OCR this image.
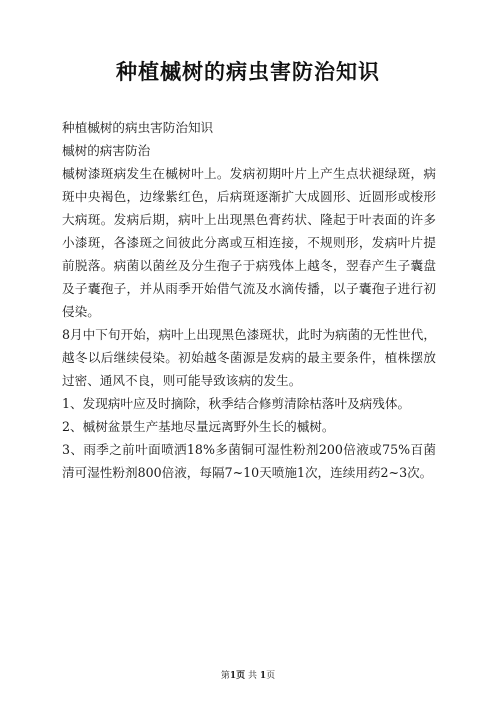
种植槭树的病虫害防治知识

种植槭树的病虫害防治知识

槭树的病害防治

槭树漆斑病发生在槭树叶上。发病初期叶片上产生点状褪绿斑，病斑中央褐色，边缘紫红色，后病斑逐渐扩大成圆形、近圆形或梭形大病斑。发病后期，病叶上出现黑色膏药状、隆起于叶表面的许多小漆斑，各漆斑之间彼此分离或互相连接，不规则形，发病叶片提前脱落。病菌以菌丝及分生孢子于病残体上越冬，翌春产生子囊盘及子囊孢子，并从雨季开始借气流及水滴传播，以子囊孢子进行初侵染。

8月中下旬开始，病叶上出现黑色漆斑状，此时为病菌的无性世代，越冬以后继续侵染。初始越冬菌源是发病的最主要条件，植株摆放过密、通风不良，则可能导致该病的发生。

1、发现病叶应及时摘除，秋季结合修剪清除枯落叶及病残体。

2、槭树盆景生产基地尽量远离野外生长的槭树。

3、雨季之前叶面喷洒18%多菌铜可湿性粉剂200倍液或75%百菌清可湿性粉剂800倍液，每隔7~10天喷施1次，连续用药2~3次。

第1页 共 1页
